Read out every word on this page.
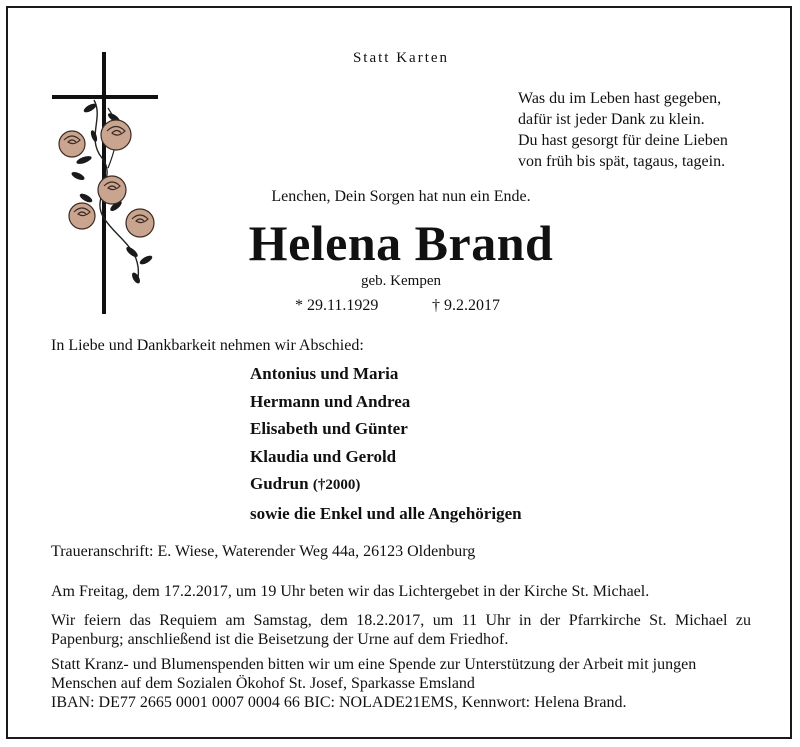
Statt Karten
Was du im Leben hast gegeben,
dafür ist jeder Dank zu klein.
Du hast gesorgt für deine Lieben
von früh bis spät, tagaus, tagein.
Lenchen, Dein Sorgen hat nun ein Ende.
Helena Brand
geb. Kempen
* 29.11.1929	† 9.2.2017
In Liebe und Dankbarkeit nehmen wir Abschied:
Antonius und Maria
Hermann und Andrea
Elisabeth und Günter
Klaudia und Gerold
Gudrun (†2000)
sowie die Enkel und alle Angehörigen
Traueranschrift: E. Wiese, Waterender Weg 44a, 26123 Oldenburg
Am Freitag, dem 17.2.2017, um 19 Uhr beten wir das Lichtergebet in der Kirche St. Michael.
Wir feiern das Requiem am Samstag, dem 18.2.2017, um 11 Uhr in der Pfarrkirche St. Michael zu Papenburg; anschließend ist die Beisetzung der Urne auf dem Friedhof.
Statt Kranz- und Blumenspenden bitten wir um eine Spende zur Unterstützung der Arbeit mit jungen
Menschen auf dem Sozialen Ökohof St. Josef, Sparkasse Emsland
IBAN: DE77 2665 0001 0007 0004 66 BIC: NOLADE21EMS, Kennwort: Helena Brand.
